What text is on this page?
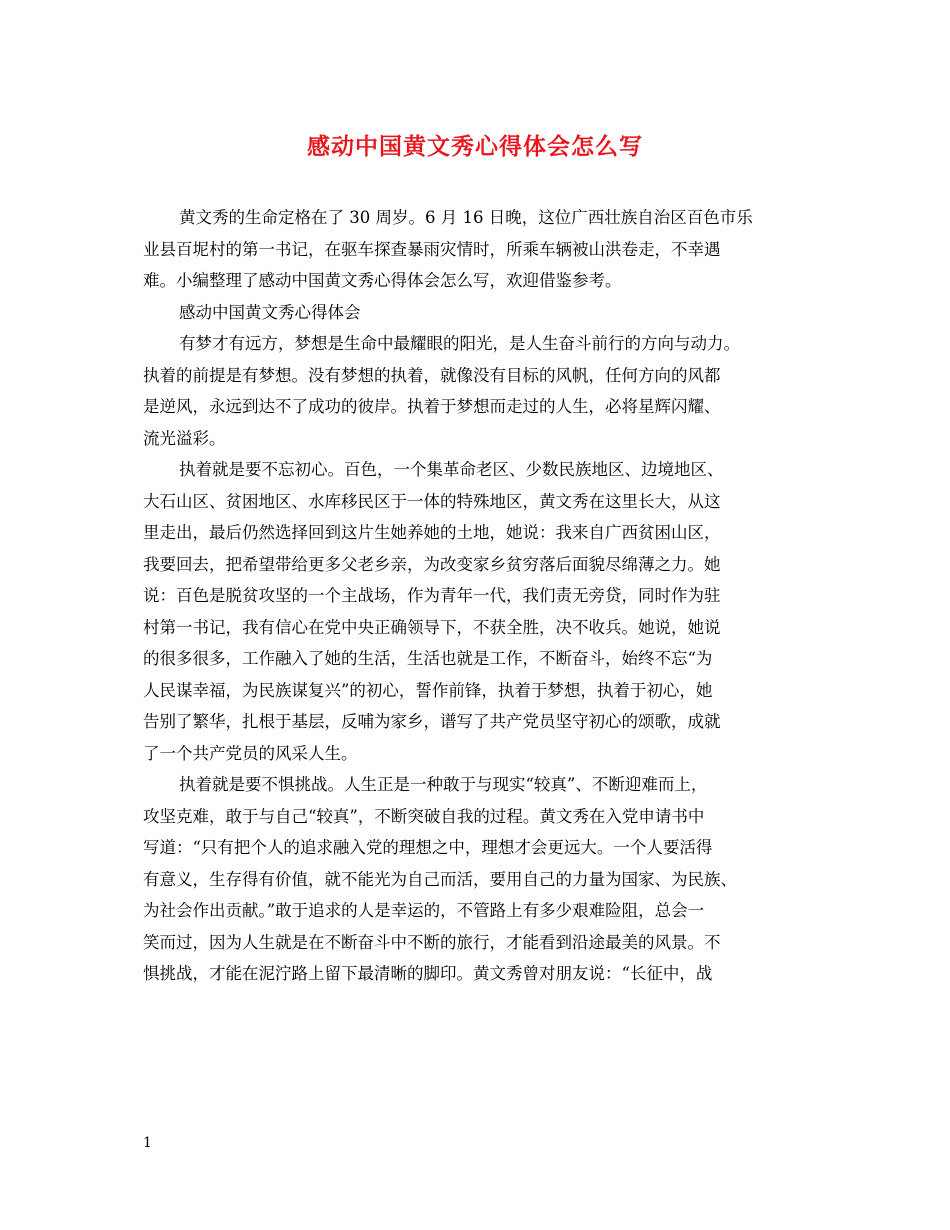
感动中国黄文秀心得体会怎么写
黄文秀的生命定格在了 30 周岁。6 月 16 日晚，这位广西壮族自治区百色市乐
业县百坭村的第一书记，在驱车探查暴雨灾情时，所乘车辆被山洪卷走，不幸遇
难。小编整理了感动中国黄文秀心得体会怎么写，欢迎借鉴参考。
感动中国黄文秀心得体会
有梦才有远方，梦想是生命中最耀眼的阳光，是人生奋斗前行的方向与动力。
执着的前提是有梦想。没有梦想的执着，就像没有目标的风帆，任何方向的风都
是逆风，永远到达不了成功的彼岸。执着于梦想而走过的人生，必将星辉闪耀、
流光溢彩。
执着就是要不忘初心。百色，一个集革命老区、少数民族地区、边境地区、
大石山区、贫困地区、水库移民区于一体的特殊地区，黄文秀在这里长大，从这
里走出，最后仍然选择回到这片生她养她的土地，她说：我来自广西贫困山区，
我要回去，把希望带给更多父老乡亲，为改变家乡贫穷落后面貌尽绵薄之力。她
说：百色是脱贫攻坚的一个主战场，作为青年一代，我们责无旁贷，同时作为驻
村第一书记，我有信心在党中央正确领导下，不获全胜，决不收兵。她说，她说
的很多很多，工作融入了她的生活，生活也就是工作，不断奋斗，始终不忘“为
人民谋幸福，为民族谋复兴”的初心，誓作前锋，执着于梦想，执着于初心，她
告别了繁华，扎根于基层，反哺为家乡，谱写了共产党员坚守初心的颂歌，成就
了一个共产党员的风采人生。
执着就是要不惧挑战。人生正是一种敢于与现实“较真”、不断迎难而上，
攻坚克难，敢于与自己“较真”，不断突破自我的过程。黄文秀在入党申请书中
写道：“只有把个人的追求融入党的理想之中，理想才会更远大。一个人要活得
有意义，生存得有价值，就不能光为自己而活，要用自己的力量为国家、为民族、
为社会作出贡献。”敢于追求的人是幸运的，不管路上有多少艰难险阻，总会一
笑而过，因为人生就是在不断奋斗中不断的旅行，才能看到沿途最美的风景。不
惧挑战，才能在泥泞路上留下最清晰的脚印。黄文秀曾对朋友说：“长征中，战

1
